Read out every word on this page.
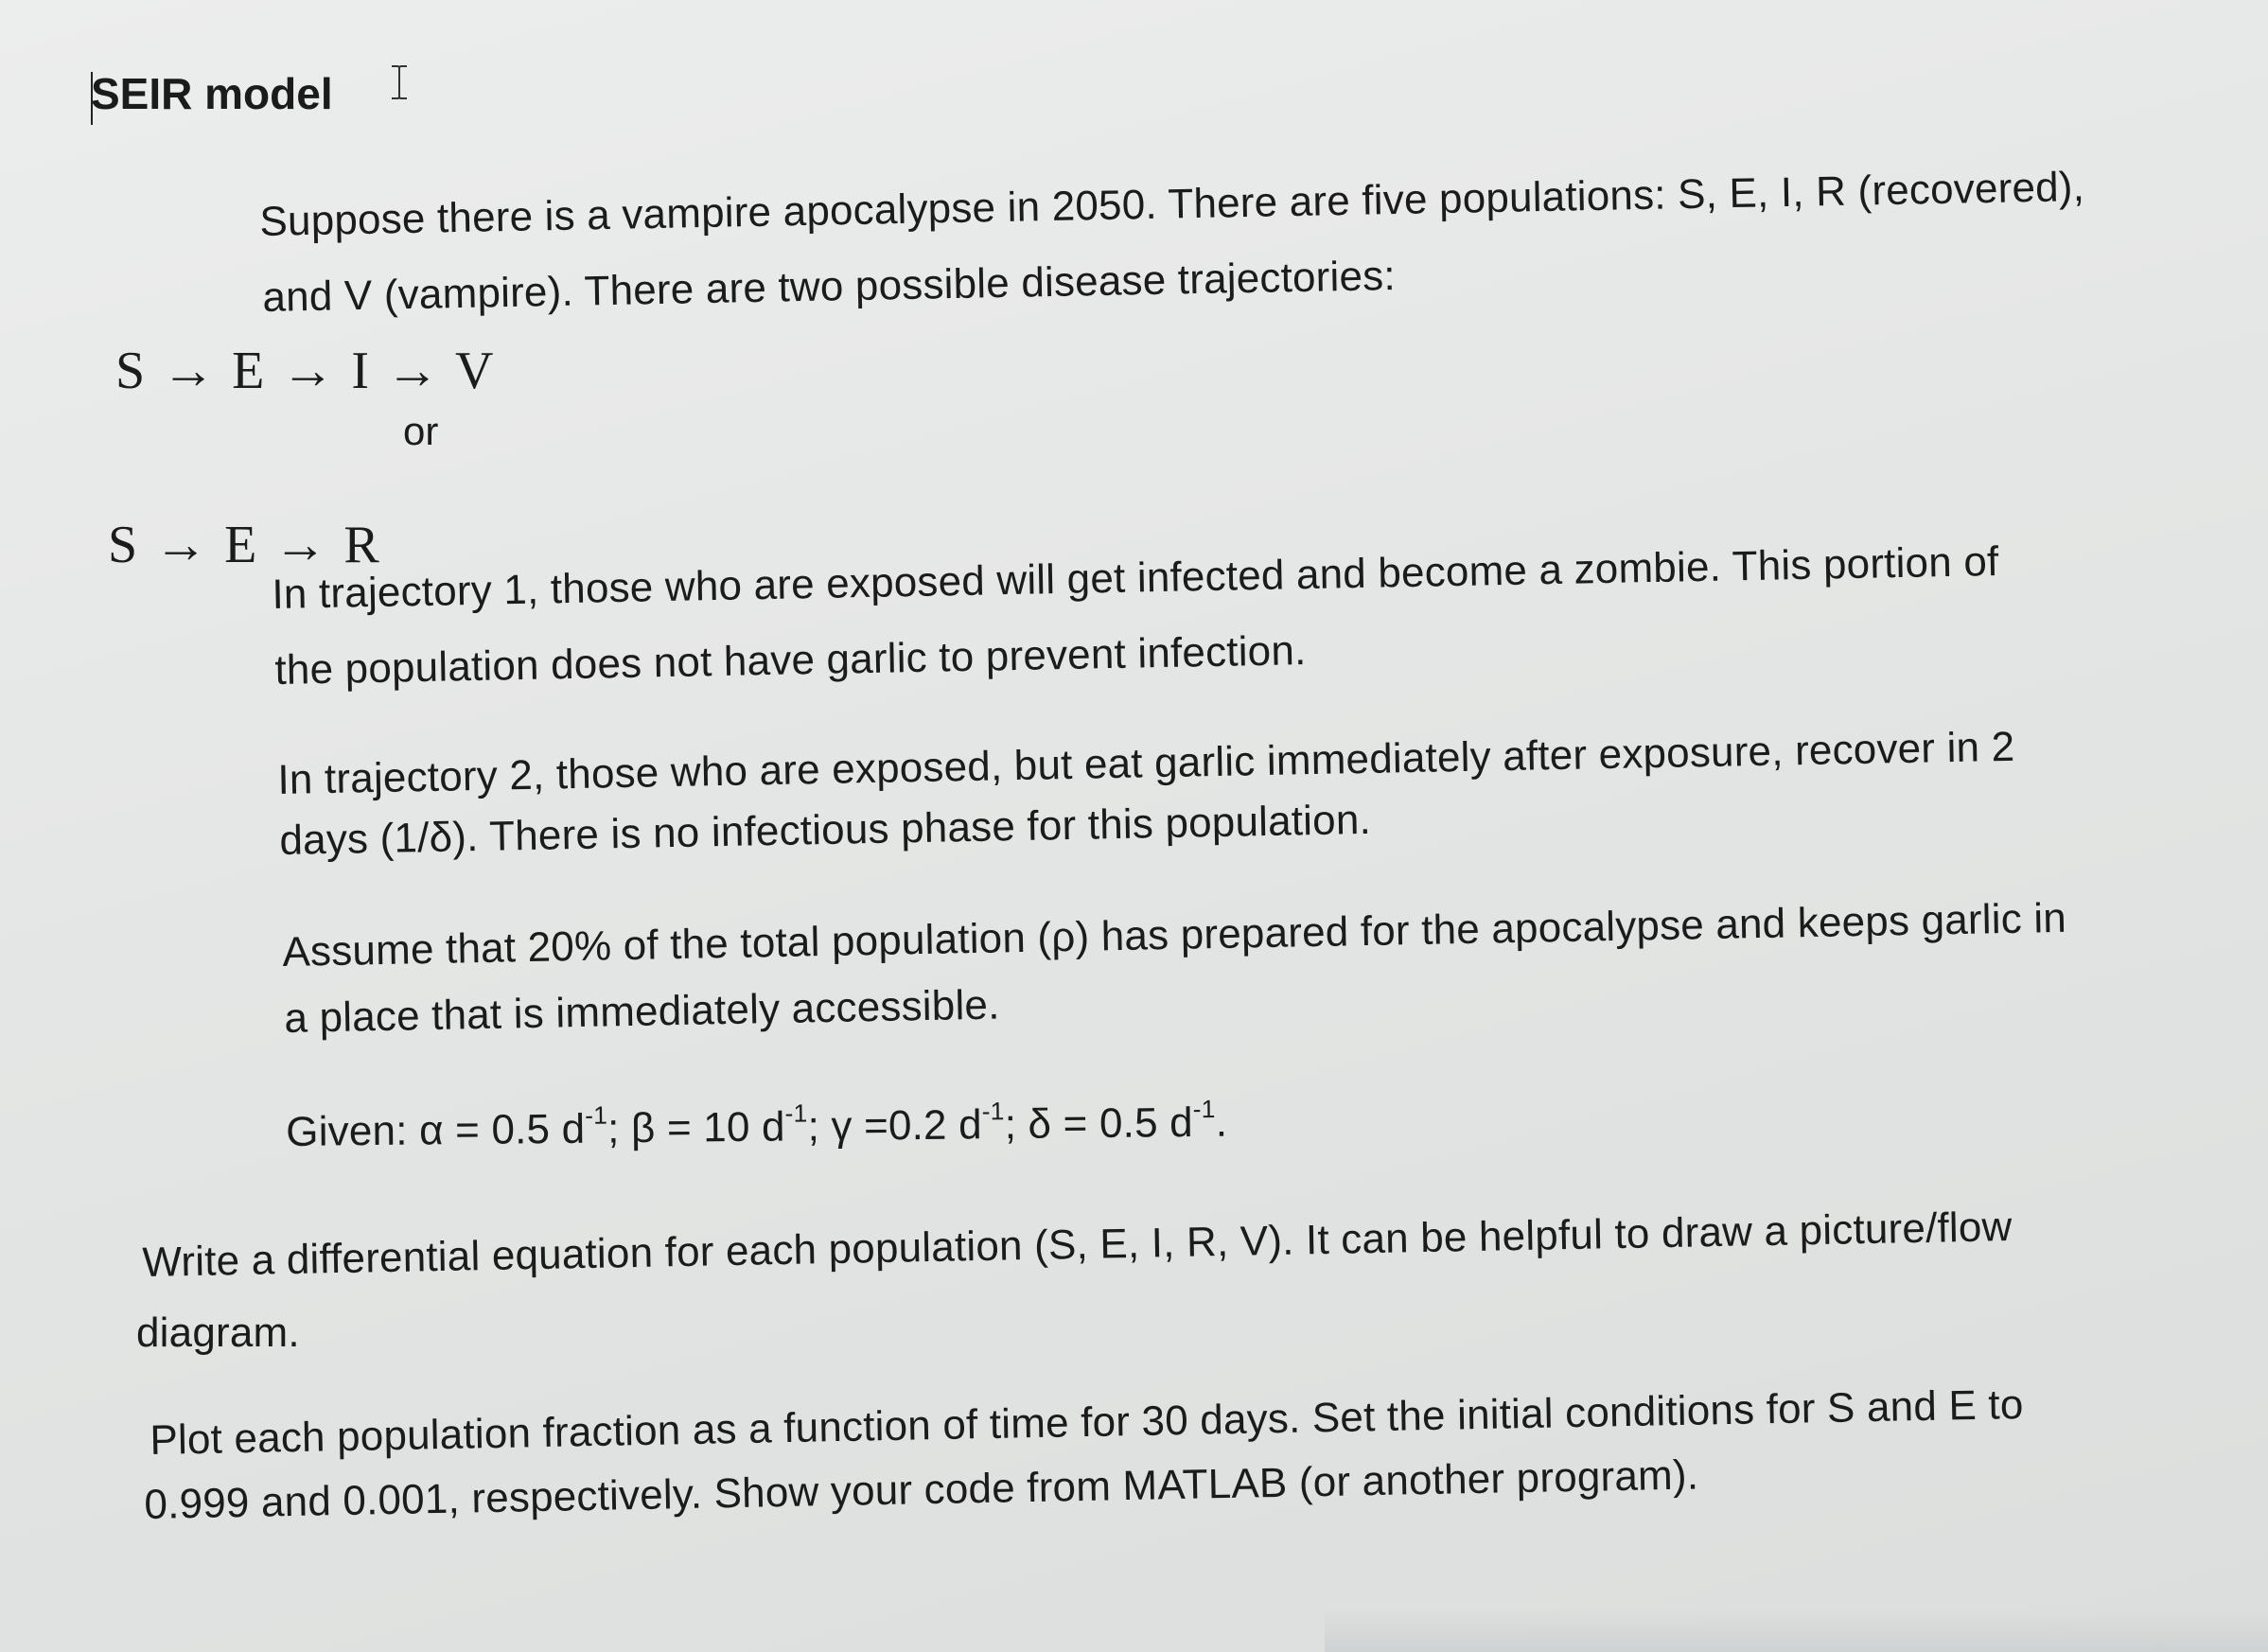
SEIR model
Suppose there is a vampire apocalypse in 2050. There are five populations: S, E, I, R (recovered),
and V (vampire). There are two possible disease trajectories:
S → E → I → V
or
S → E → R
In trajectory 1, those who are exposed will get infected and become a zombie. This portion of
the population does not have garlic to prevent infection.
In trajectory 2, those who are exposed, but eat garlic immediately after exposure, recover in 2
days (1/δ). There is no infectious phase for this population.
Assume that 20% of the total population (ρ) has prepared for the apocalypse and keeps garlic in
a place that is immediately accessible.
Given: α = 0.5 $d^{-1}$; β = 10 $d^{-1}$; γ =0.2 $d^{-1}$; δ = 0.5 $d^{-1}$.
Write a differential equation for each population (S, E, I, R, V). It can be helpful to draw a picture/flow
diagram.
Plot each population fraction as a function of time for 30 days. Set the initial conditions for S and E to
0.999 and 0.001, respectively. Show your code from MATLAB (or another program).
